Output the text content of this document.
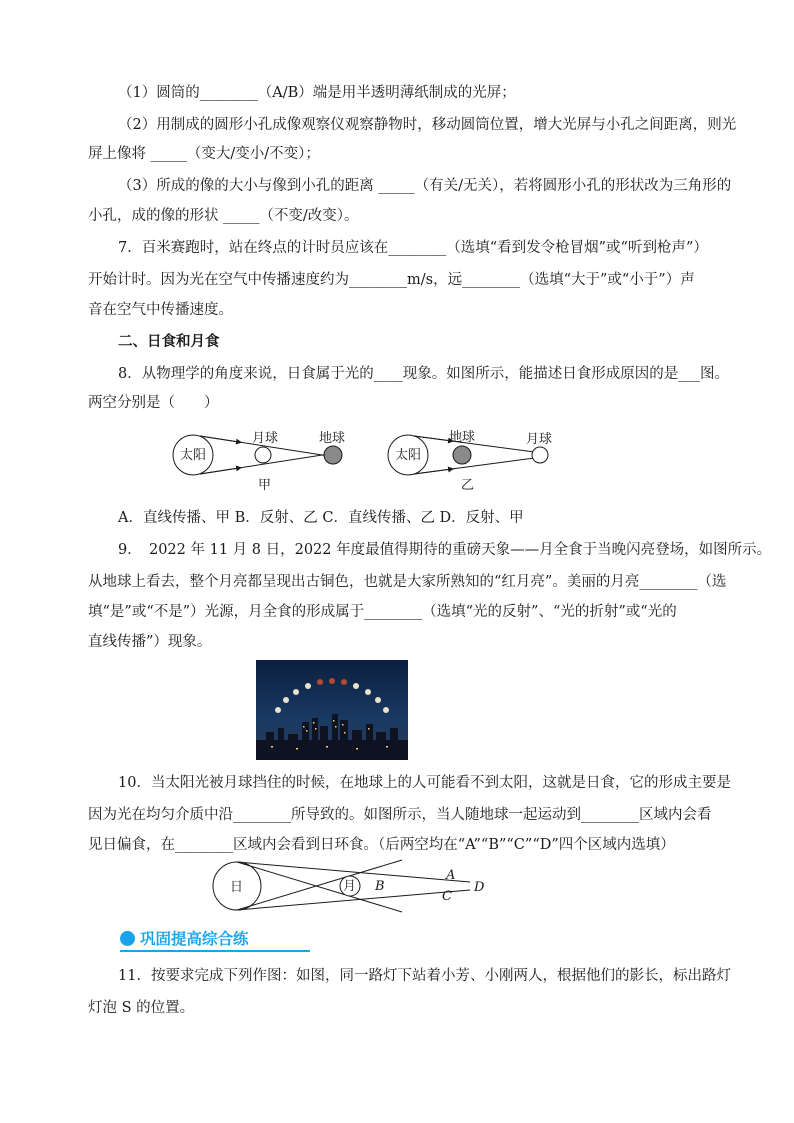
（1）圆筒的________（A/B）端是用半透明薄纸制成的光屏；
（2）用制成的圆形小孔成像观察仪观察静物时，移动圆筒位置，增大光屏与小孔之间距离，则光
屏上像将 _____（变大/变小/不变）；
（3）所成的像的大小与像到小孔的距离 _____（有关/无关），若将圆形小孔的形状改为三角形的
小孔，成的像的形状 _____（不变/改变）。
7．百米赛跑时，站在终点的计时员应该在________（选填“看到发令枪冒烟”或“听到枪声”）
开始计时。因为光在空气中传播速度约为________m/s，远________（选填“大于”或“小于”）声
音在空气中传播速度。
二、日食和月食
8．从物理学的角度来说，日食属于光的____现象。如图所示，能描述日食形成原因的是___图。
两空分别是（　　）
太阳
月球	地球
甲
太阳
地球	月球
乙
A．直线传播、甲 B．反射、乙 C．直线传播、乙 D．反射、甲
9．　2022 年 11 月 8 日，2022 年度最值得期待的重磅天象——月全食于当晚闪亮登场，如图所示。
从地球上看去，整个月亮都呈现出古铜色，也就是大家所熟知的“红月亮”。美丽的月亮________（选
填“是”或“不是”）光源，月全食的形成属于________（选填“光的反射”、“光的折射”或“光的
直线传播”）现象。
10．当太阳光被月球挡住的时候，在地球上的人可能看不到太阳，这就是日食，它的形成主要是
因为光在均匀介质中沿________所导致的。如图所示，当人随地球一起运动到________区域内会看
见日偏食，在________区域内会看到日环食。（后两空均在“A”“B”“C”“D”四个区域内选填）
日	月
A
B
C
D
巩固提高综合练
11．按要求完成下列作图：如图，同一路灯下站着小芳、小刚两人，根据他们的影长，标出路灯
灯泡 S 的位置。
